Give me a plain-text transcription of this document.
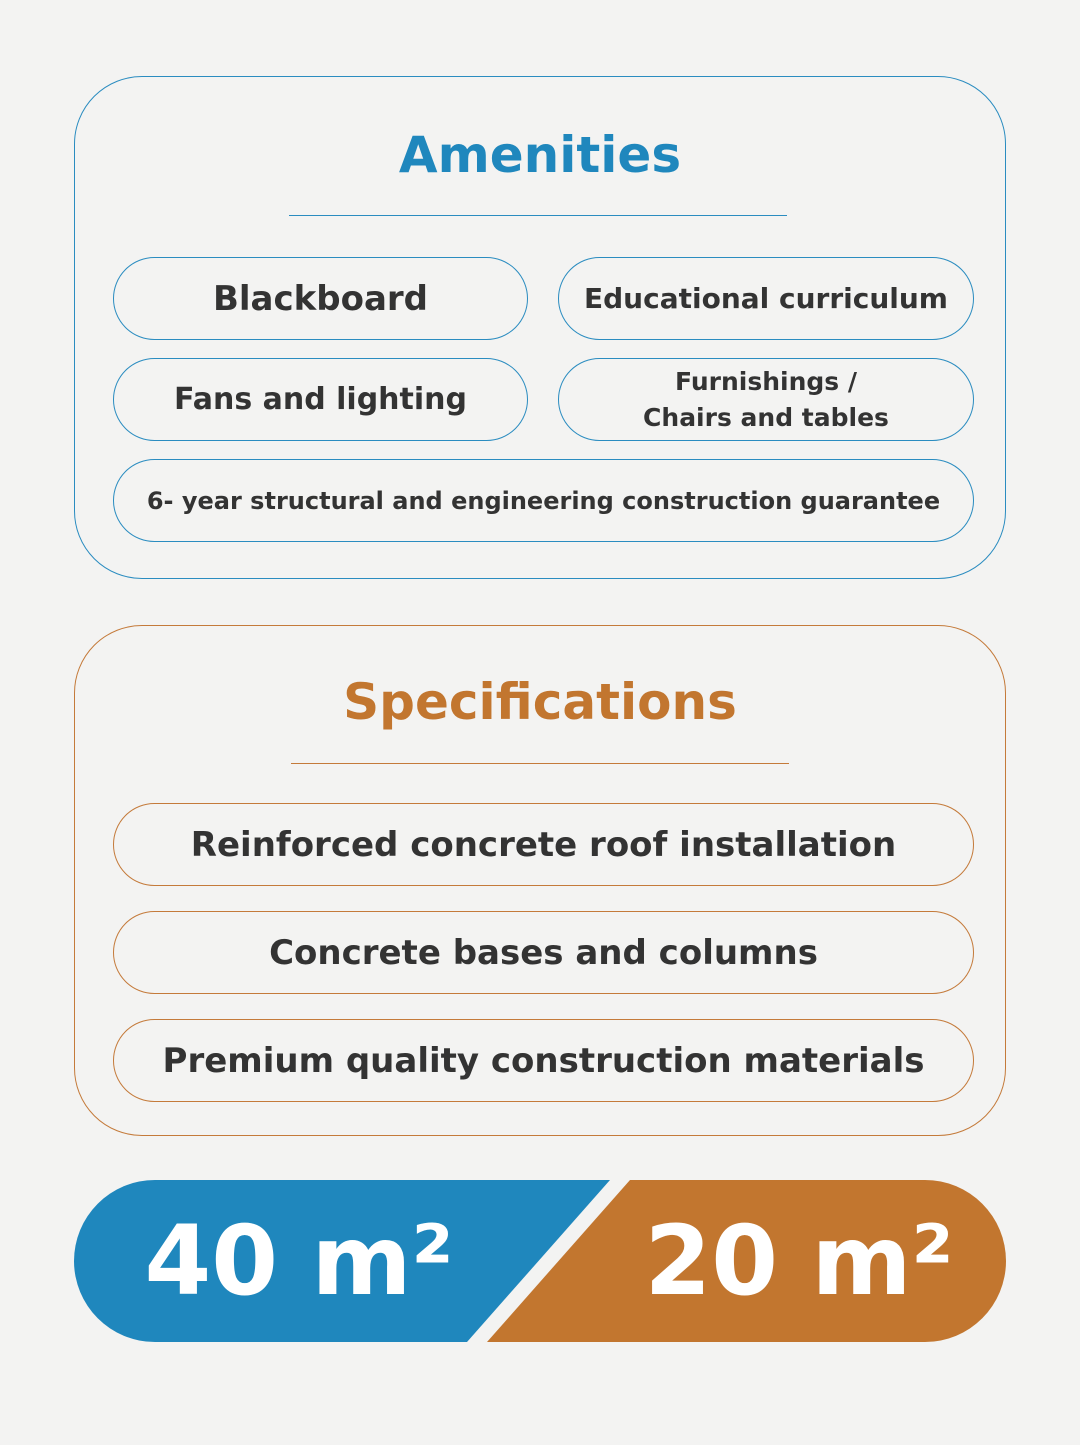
Amenities
Blackboard	Educational curriculum
Fans and lighting
Furnishings /
Chairs and tables
6- year structural and engineering construction guarantee
Specifications
Reinforced concrete roof installation
Concrete bases and columns
Premium quality construction materials
40 m² 20 m²
